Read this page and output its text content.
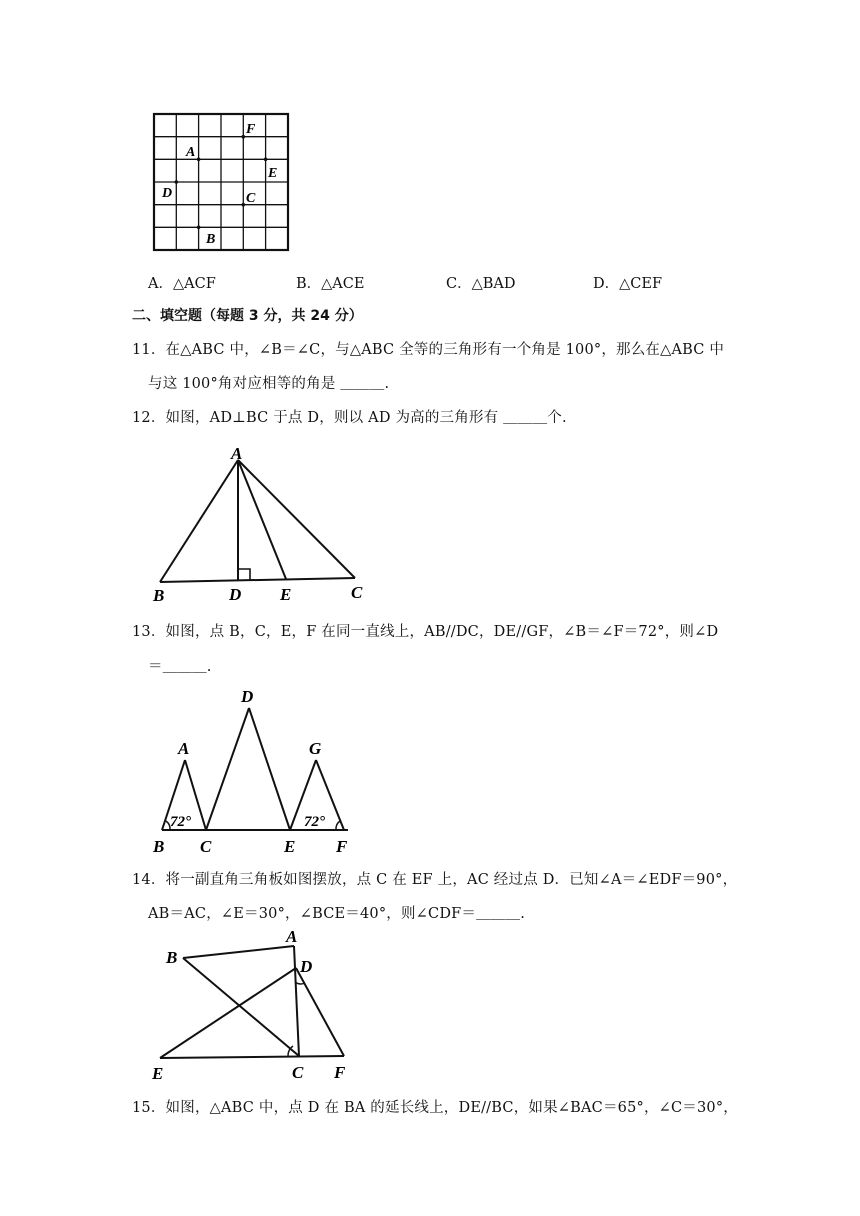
F
A
E
D	C
B
A．△ACF	B．△ACE	C．△BAD	D．△CEF
二、填空题（每题 3 分，共 24 分）
11．在△ABC 中，∠B＝∠C，与△ABC 全等的三角形有一个角是 100°，那么在△ABC 中
与这 100°角对应相等的角是 ＿＿＿.
12．如图，AD⊥BC 于点 D，则以 AD 为高的三角形有 ＿＿＿个.
A
B	D E	C
13．如图，点 B，C，E，F 在同一直线上，AB//DC，DE//GF，∠B＝∠F＝72°，则∠D
＝＿＿＿.
D
A	G
72°	72°
B C	E F
14．将一副直角三角板如图摆放，点 C 在 EF 上，AC 经过点 D．已知∠A＝∠EDF＝90°，
AB＝AC，∠E＝30°，∠BCE＝40°，则∠CDF＝＿＿＿.
A
B	D
E	C F
15．如图，△ABC 中，点 D 在 BA 的延长线上，DE//BC，如果∠BAC＝65°，∠C＝30°，
